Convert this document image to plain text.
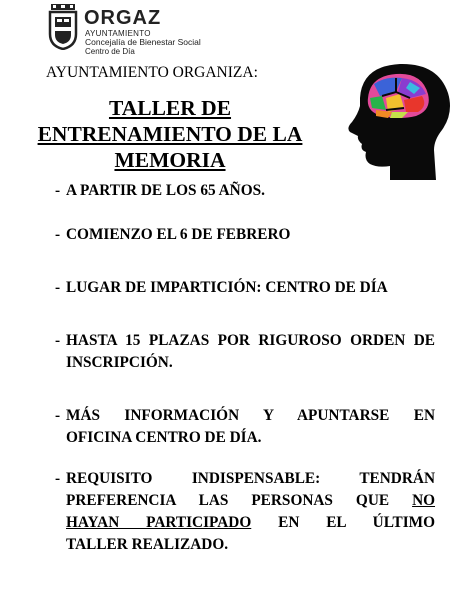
ORGAZ
AYUNTAMIENTO
Concejalía de Bienestar Social
Centro de Día
AYUNTAMIENTO ORGANIZA:
TALLER DE
ENTRENAMIENTO DE LA
MEMORIA
- A PARTIR DE LOS 65 AÑOS.
- COMIENZO EL 6 DE FEBRERO
- LUGAR DE IMPARTICIÓN: CENTRO DE DÍA
- HASTA 15 PLAZAS POR RIGUROSO ORDEN DE
INSCRIPCIÓN.
- MÁS INFORMACIÓN Y APUNTARSE EN
OFICINA CENTRO DE DÍA.
- REQUISITO INDISPENSABLE: TENDRÁN
PREFERENCIA LAS PERSONAS QUE NO
HAYAN PARTICIPADO EN EL ÚLTIMO
TALLER REALIZADO.
